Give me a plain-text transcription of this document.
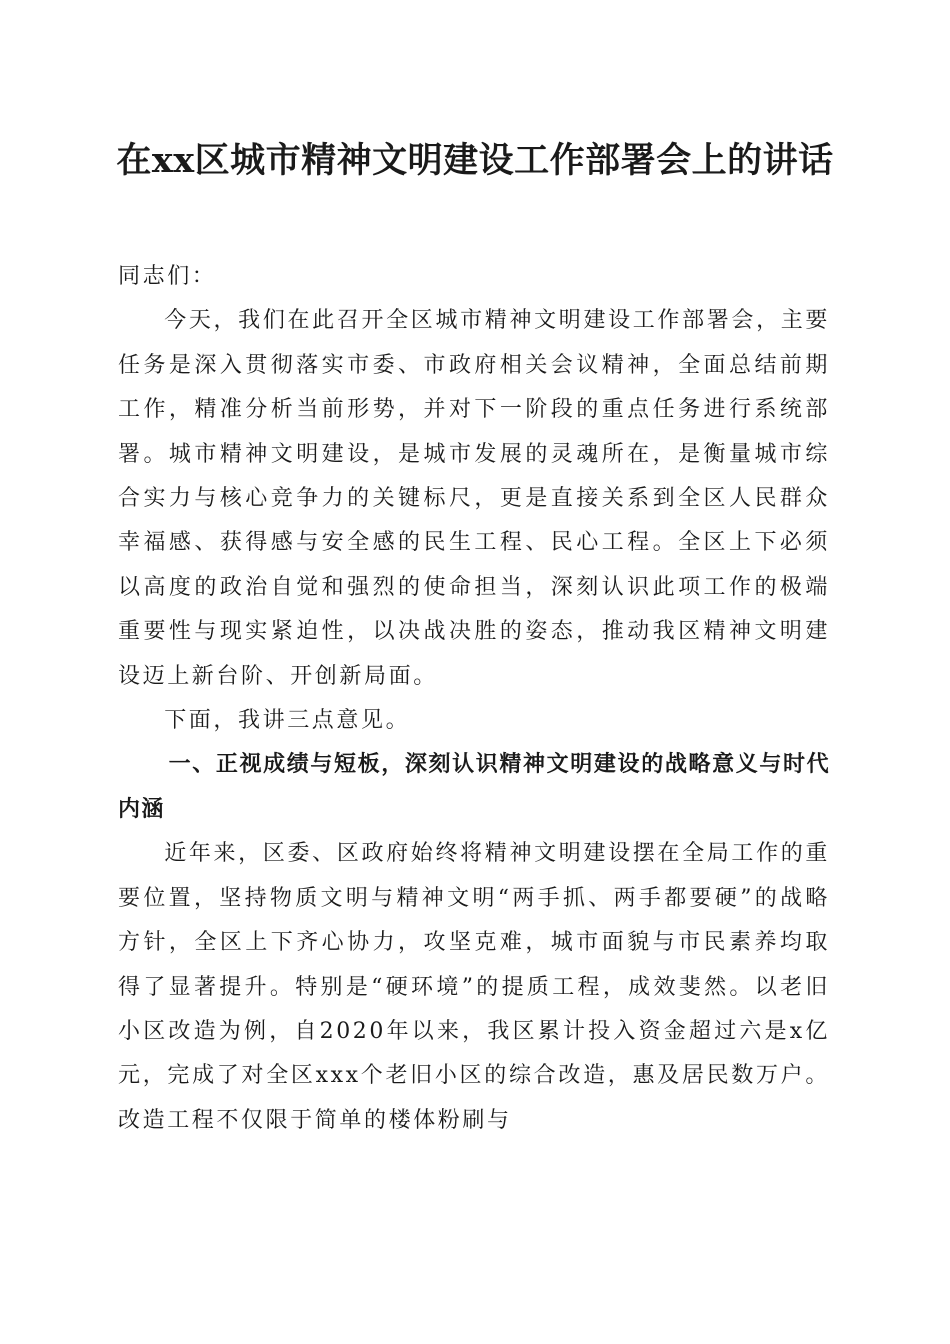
在xx区城市精神文明建设工作部署会上的讲话

同志们：

今天，我们在此召开全区城市精神文明建设工作部署会，主要任务是深入贯彻落实市委、市政府相关会议精神，全面总结前期工作，精准分析当前形势，并对下一阶段的重点任务进行系统部署。城市精神文明建设，是城市发展的灵魂所在，是衡量城市综合实力与核心竞争力的关键标尺，更是直接关系到全区人民群众幸福感、获得感与安全感的民生工程、民心工程。全区上下必须以高度的政治自觉和强烈的使命担当，深刻认识此项工作的极端重要性与现实紧迫性，以决战决胜的姿态，推动我区精神文明建设迈上新台阶、开创新局面。

下面，我讲三点意见。

一、正视成绩与短板，深刻认识精神文明建设的战略意义与时代内涵

近年来，区委、区政府始终将精神文明建设摆在全局工作的重要位置，坚持物质文明与精神文明“两手抓、两手都要硬”的战略方针，全区上下齐心协力，攻坚克难，城市面貌与市民素养均取得了显著提升。特别是“硬环境”的提质工程，成效斐然。以老旧小区改造为例，自2020年以来，我区累计投入资金超过六是x亿元，完成了对全区xxx个老旧小区的综合改造，惠及居民数万户。改造工程不仅限于简单的楼体粉刷与
